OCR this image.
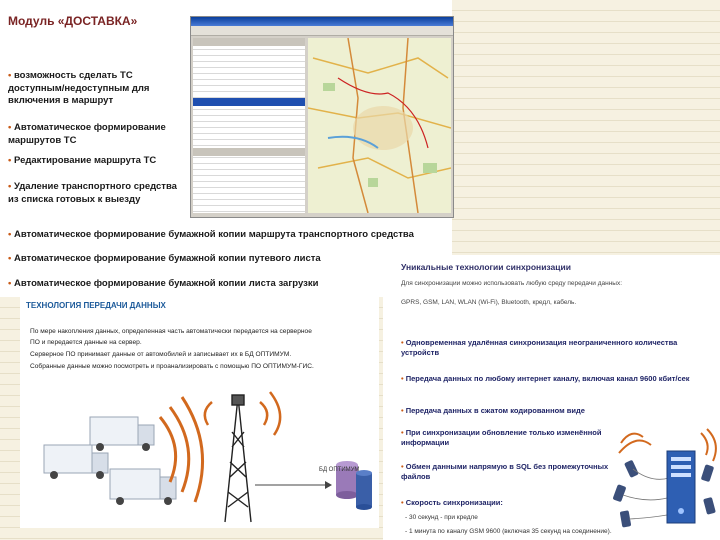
Модуль «ДОСТАВКА»
• возможность сделать ТС доступным/недоступным для включения в маршрут
• Автоматическое формирование маршрутов ТС
• Редактирование маршрута ТС
• Удаление транспортного средства из списка готовых к выезду
• Автоматическое формирование бумажной копии маршрута транспортного средства
• Автоматическое формирование бумажной копии путевого листа
• Автоматическое формирование бумажной копии листа загрузки
Уникальные технологии синхронизации
Для синхронизации можно использовать любую среду передачи данных:
GPRS, GSM, LAN, WLAN (Wi-Fi), Bluetooth, кредл, кабель.
• Одновременная удалённая синхронизация неограниченного количества устройств
• Передача данных по любому интернет каналу, включая канал 9600 кбит/сек
• Передача данных в сжатом кодированном виде
• При синхронизации обновление только изменённой информации
• Обмен данными напрямую в SQL без промежуточных файлов
• Скорость синхронизации:
- 30 секунд - при кредле
- 1 минута по каналу GSM 9600 (включая 35 секунд на соединение).
ТЕХНОЛОГИЯ ПЕРЕДАЧИ ДАННЫХ
По мере накопления данных, определенная часть автоматически передается на серверное
ПО и передается данные на сервер.
Серверное ПО принимает данные от автомобилей и записывает их в БД ОПТИМУМ.
Собранные данные можно посмотреть и проанализировать с помощью ПО ОПТИМУМ-ГИС.
БД ОПТИМУМ
